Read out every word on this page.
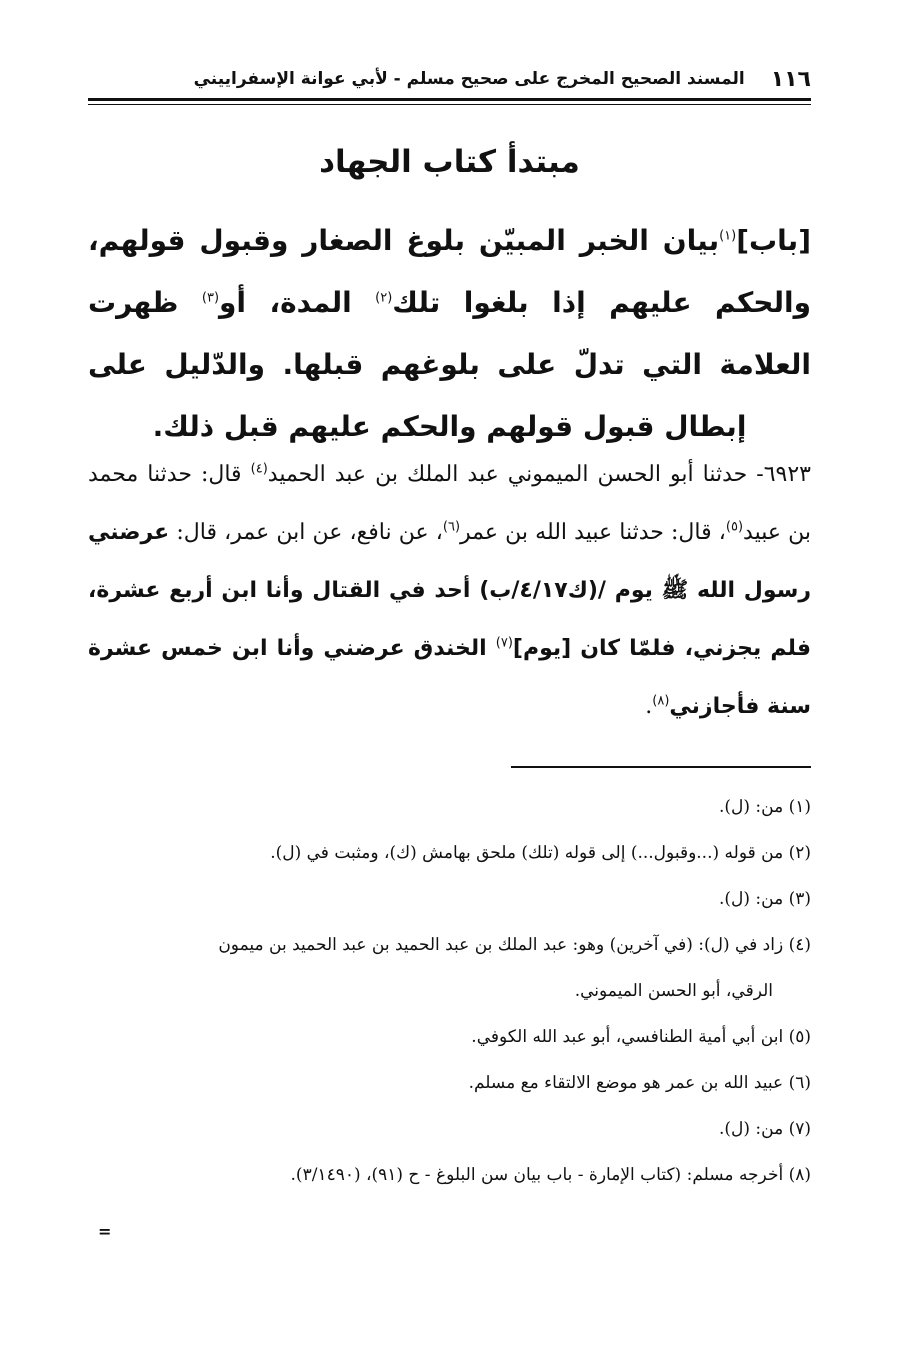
١١٦
المسند الصحيح المخرج على صحيح مسلم - لأبي عوانة الإسفراييني
مبتدأ كتاب الجهاد
[باب]$^{(١)}$بيان الخبر المبيّن بلوغ الصغار وقبول قولهم، والحكم عليهم إذا بلغوا تلك$^{(٢)}$ المدة، أو$^{(٣)}$ ظهرت العلامة التي تدلّ على بلوغهم قبلها. والدّليل على إبطال قبول قولهم والحكم عليهم قبل ذلك.
٦٩٢٣- حدثنا أبو الحسن الميموني عبد الملك بن عبد الحميد$^{(٤)}$ قال: حدثنا محمد بن عبيد$^{(٥)}$، قال: حدثنا عبيد الله بن عمر$^{(٦)}$، عن نافع، عن ابن عمر، قال: عرضني رسول الله ﷺ يوم /(ك٤/١٧/ب) أحد في القتال وأنا ابن أربع عشرة، فلم يجزني، فلمّا كان [يوم]$^{(٧)}$ الخندق عرضني وأنا ابن خمس عشرة سنة فأجازني$^{(٨)}$.

(١) من: (ل).

(٢) من قوله (...وقبول...) إلى قوله (تلك) ملحق بهامش (ك)، ومثبت في (ل).

(٣) من: (ل).

(٤) زاد في (ل): (في آخرين) وهو: عبد الملك بن عبد الحميد بن عبد الحميد بن ميمون

الرقي، أبو الحسن الميموني.

(٥) ابن أبي أمية الطنافسي، أبو عبد الله الكوفي.

(٦) عبيد الله بن عمر هو موضع الالتقاء مع مسلم.

(٧) من: (ل).

(٨) أخرجه مسلم: (كتاب الإمارة - باب بيان سن البلوغ - ح (٩١)، (٣/١٤٩٠).

=
